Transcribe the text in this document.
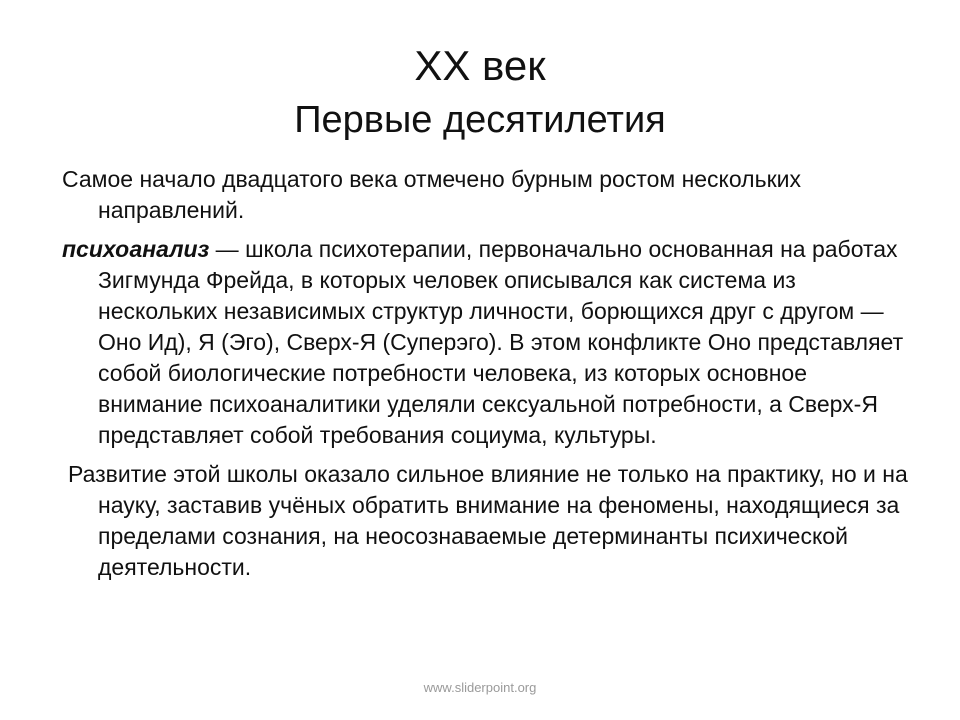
XX век
Первые десятилетия

Самое начало двадцатого века отмечено бурным ростом нескольких направлений.

психоанализ — школа психотерапии, первоначально основанная на работах Зигмунда Фрейда, в которых человек описывался как система из нескольких независимых структур личности, борющихся друг с другом — Оно Ид), Я (Эго), Сверх-Я (Суперэго). В этом конфликте Оно представляет собой биологические потребности человека, из которых основное внимание психоаналитики уделяли сексуальной потребности, а Сверх-Я представляет собой требования социума, культуры.

Развитие этой школы оказало сильное влияние не только на практику, но и на науку, заставив учёных обратить внимание на феномены, находящиеся за пределами сознания, на неосознаваемые детерминанты психической деятельности.

www.sliderpoint.org
